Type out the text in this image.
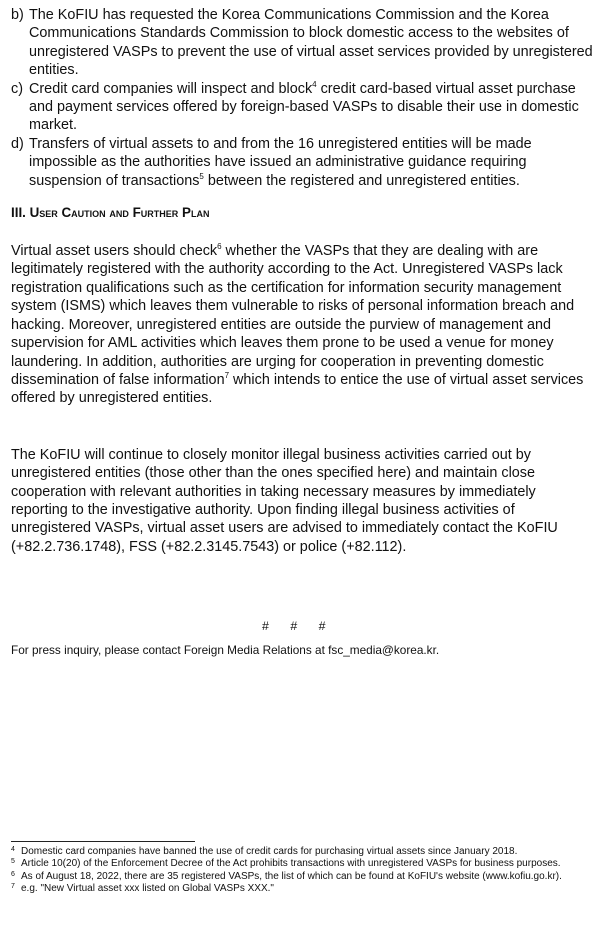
b) The KoFIU has requested the Korea Communications Commission and the Korea Communications Standards Commission to block domestic access to the websites of unregistered VASPs to prevent the use of virtual asset services provided by unregistered entities.

c) Credit card companies will inspect and block$^4$ credit card-based virtual asset purchase and payment services offered by foreign-based VASPs to disable their use in domestic market.

d) Transfers of virtual assets to and from the 16 unregistered entities will be made impossible as the authorities have issued an administrative guidance requiring suspension of transactions$^5$ between the registered and unregistered entities.

III. User Caution and Further Plan

Virtual asset users should check$^6$ whether the VASPs that they are dealing with are legitimately registered with the authority according to the Act. Unregistered VASPs lack registration qualifications such as the certification for information security management system (ISMS) which leaves them vulnerable to risks of personal information breach and hacking. Moreover, unregistered entities are outside the purview of management and supervision for AML activities which leaves them prone to be used a venue for money laundering. In addition, authorities are urging for cooperation in preventing domestic dissemination of false information$^7$ which intends to entice the use of virtual asset services offered by unregistered entities.

The KoFIU will continue to closely monitor illegal business activities carried out by unregistered entities (those other than the ones specified here) and maintain close cooperation with relevant authorities in taking necessary measures by immediately reporting to the investigative authority. Upon finding illegal business activities of unregistered VASPs, virtual asset users are advised to immediately contact the KoFIU (+82.2.736.1748), FSS (+82.2.3145.7543) or police (+82.112).

# # #
For press inquiry, please contact Foreign Media Relations at fsc_media@korea.kr.
4 Domestic card companies have banned the use of credit cards for purchasing virtual assets since January 2018.
5 Article 10(20) of the Enforcement Decree of the Act prohibits transactions with unregistered VASPs for business purposes.
6 As of August 18, 2022, there are 35 registered VASPs, the list of which can be found at KoFIU's website (www.kofiu.go.kr).
7 e.g. "New Virtual asset xxx listed on Global VASPs XXX."
